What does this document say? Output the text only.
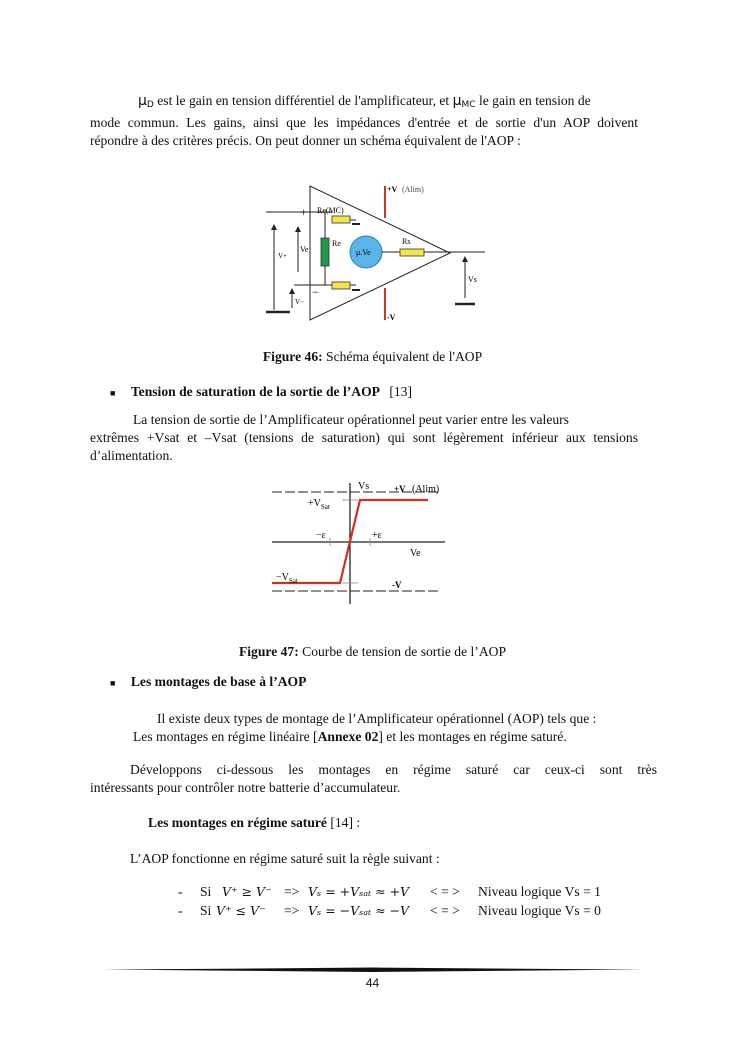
$\mu_D$ est le gain en tension différentiel de l'amplificateur, et $\mu_{MC}$ le gain en tension de
mode commun. Les gains, ainsi que les impédances d'entrée et de sortie d'un AOP doivent
répondre à des critères précis. On peut donner un schéma équivalent de l'AOP :
+V (Alim)
-V
+ Re(MC)
−
Re
Ve
V+
V−
μ.Ve
Rs
Vs
Figure 46: Schéma équivalent de l'AOP
■ Tension de saturation de la sortie de l’AOP [13]
La tension de sortie de l’Amplificateur opérationnel peut varier entre les valeurs
extrêmes +Vsat et –Vsat (tensions de saturation) qui sont légèrement inférieur aux tensions
d’alimentation.
Vs	+V (Alim)
$+V_{Sat}$
−ε	+ε
Ve
$-V_{Sat}$	-V
Figure 47: Courbe de tension de sortie de l’AOP
■ Les montages de base à l’AOP
Il existe deux types de montage de l’Amplificateur opérationnel (AOP) tels que :
Les montages en régime linéaire [Annexe 02] et les montages en régime saturé.
Développons ci-dessous les montages en régime saturé car ceux-ci sont très
intéressants pour contrôler notre batterie d’accumulateur.
Les montages en régime saturé [14] :
L’AOP fonctionne en régime saturé suit la règle suivant :
-	Si V⁺ ≥ V⁻ => Vₛ = +Vₛₐₜ ≈ +V	< = >	Niveau logique Vs = 1
-	Si V⁺ ≤ V⁻	=> Vₛ = −Vₛₐₜ ≈ −V	< = >	Niveau logique Vs = 0
44
